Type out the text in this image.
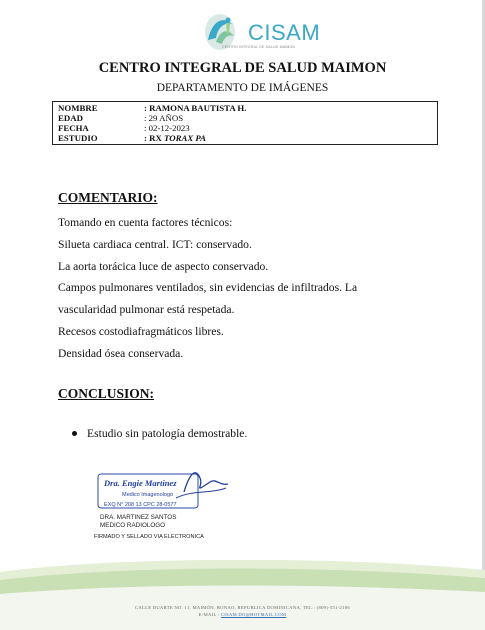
CISAM
CENTRO INTEGRAL DE SALUD MAIMON
CENTRO INTEGRAL DE SALUD MAIMON
DEPARTAMENTO DE IMÁGENES
NOMBRE	: RAMONA BAUTISTA H.
EDAD	: 29 AÑOS
FECHA	: 02-12-2023
ESTUDIO	: RX TORAX PA
COMENTARIO:

Tomando en cuenta factores técnicos:

Silueta cardiaca central. ICT: conservado.

La aorta torácica luce de aspecto conservado.

Campos pulmonares ventilados, sin evidencias de infiltrados. La

vascularidad pulmonar está respetada.

Recesos costodiafragmáticos libres.

Densidad ósea conservada.

CONCLUSION:
Estudio sin patología demostrable.
Dra. Engie Martinez
Medico Imagenologo
EXQ N° 208 13 CPC 28-0577
DRA. MARTINEZ SANTOS
MEDICO RADIOLOGO
FIRMADO Y SELLADO VIA ELECTRONICA
CALLE DUARTE NO. 11, MAIMÓN, BONAO, REPUBLICA DOMINICANA, TEL.: (809)-551-2106
E-MAIL : CISAM.DO@HOTMAIL.COM
